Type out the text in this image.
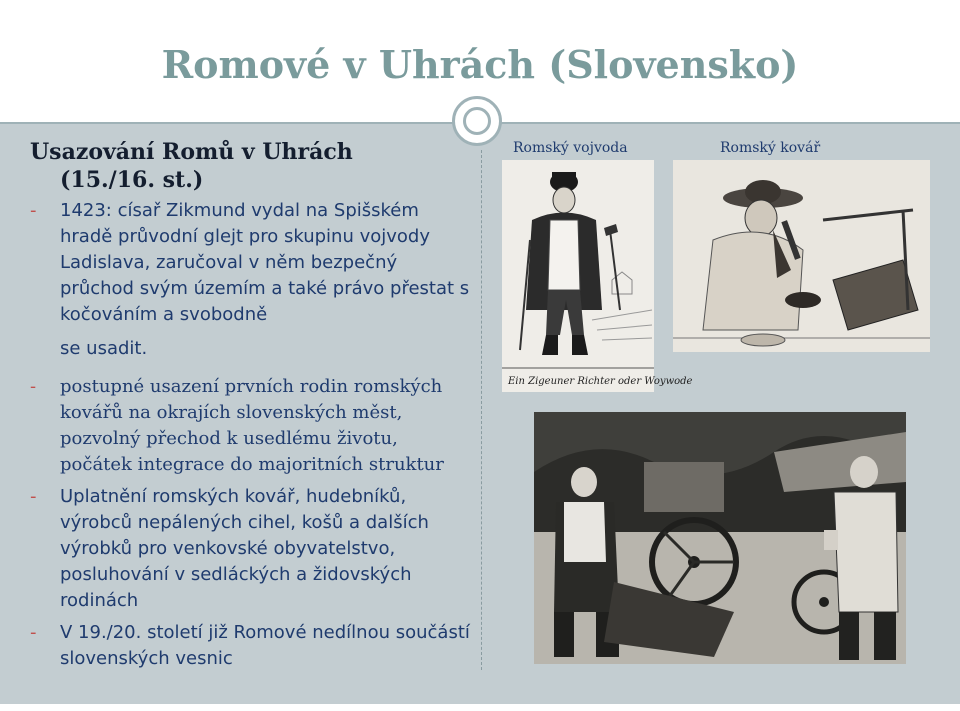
Romové v Uhrách (Slovensko)
Usazování Romů v Uhrách
(15./16. st.)
- 1423: císař Zikmund vydal na Spišském hradě průvodní glejt pro skupinu vojvody Ladislava, zaručoval v něm bezpečný průchod svým územím a také právo přestat s kočováním a svobodně
se usadit.
- postupné usazení prvních rodin romských kovářů na okrajích slovenských měst, pozvolný přechod k usedlému životu, počátek integrace do majoritních struktur
- Uplatnění romských kovář, hudebníků, výrobců nepálených cihel, košů a dalších výrobků pro venkovské obyvatelstvo, posluhování v sedláckých a židovských rodinách
- V 19./20. století již Romové nedílnou součástí slovenských vesnic
Romský vojvoda	Romský kovář
Ein Zigeuner Richter oder Woywode
